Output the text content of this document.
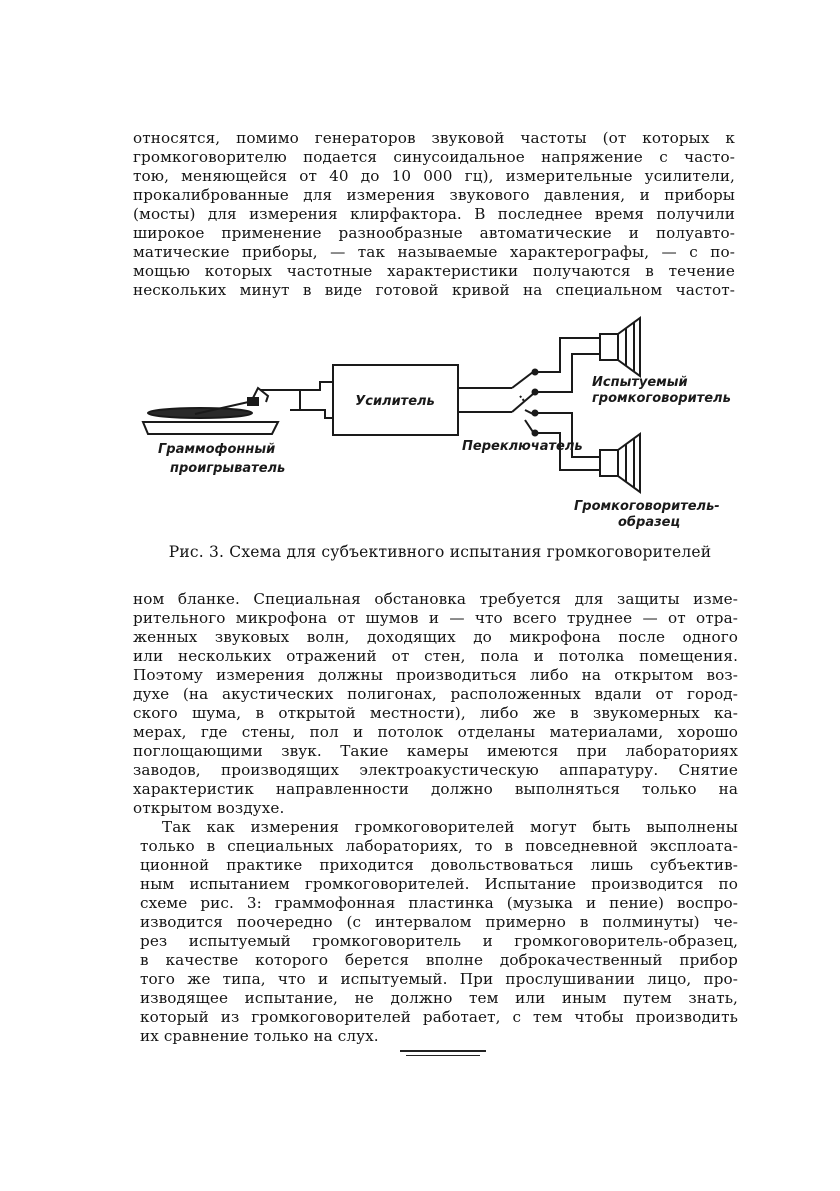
относятся, помимо генераторов звуковой частоты (от которых к
громкоговорителю подается синусоидальное напряжение с часто-
тою, меняющейся от 40 до 10 000 гц), измерительные усилители,
прокалиброванные для измерения звукового давления, и приборы
(мосты) для измерения клирфактора. В последнее время получили
широкое применение разнообразные автоматические и полуавто-
матические приборы, — так называемые характерографы, — с по-
мощью которых частотные характеристики получаются в течение
нескольких минут в виде готовой кривой на специальном частот-
Усилитель
Граммофонный
проигрыватель
Переключатель
Испытуемый
громкоговоритель
Громкоговоритель-
образец
Рис. 3. Схема для субъективного испытания громкоговорителей
ном бланке. Специальная обстановка требуется для защиты изме-
рительного микрофона от шумов и — что всего труднее — от отра-
женных звуковых волн, доходящих до микрофона после одного
или нескольких отражений от стен, пола и потолка помещения.
Поэтому измерения должны производиться либо на открытом воз-
духе (на акустических полигонах, расположенных вдали от город-
ского шума, в открытой местности), либо же в звукомерных ка-
мерах, где стены, пол и потолок отделаны материалами, хорошо
поглощающими звук. Такие камеры имеются при лабораториях
заводов, производящих электроакустическую аппаратуру. Снятие
характеристик направленности должно выполняться только на
открытом воздухе.
Так как измерения громкоговорителей могут быть выполнены
только в специальных лабораториях, то в повседневной эксплоата-
ционной практике приходится довольствоваться лишь субъектив-
ным испытанием громкоговорителей. Испытание производится по
схеме рис. 3: граммофонная пластинка (музыка и пение) воспро-
изводится поочередно (с интервалом примерно в полминуты) че-
рез испытуемый громкоговоритель и громкоговоритель-образец,
в качестве которого берется вполне доброкачественный прибор
того же типа, что и испытуемый. При прослушивании лицо, про-
изводящее испытание, не должно тем или иным путем знать,
который из громкоговорителей работает, с тем чтобы производить
их сравнение только на слух.
